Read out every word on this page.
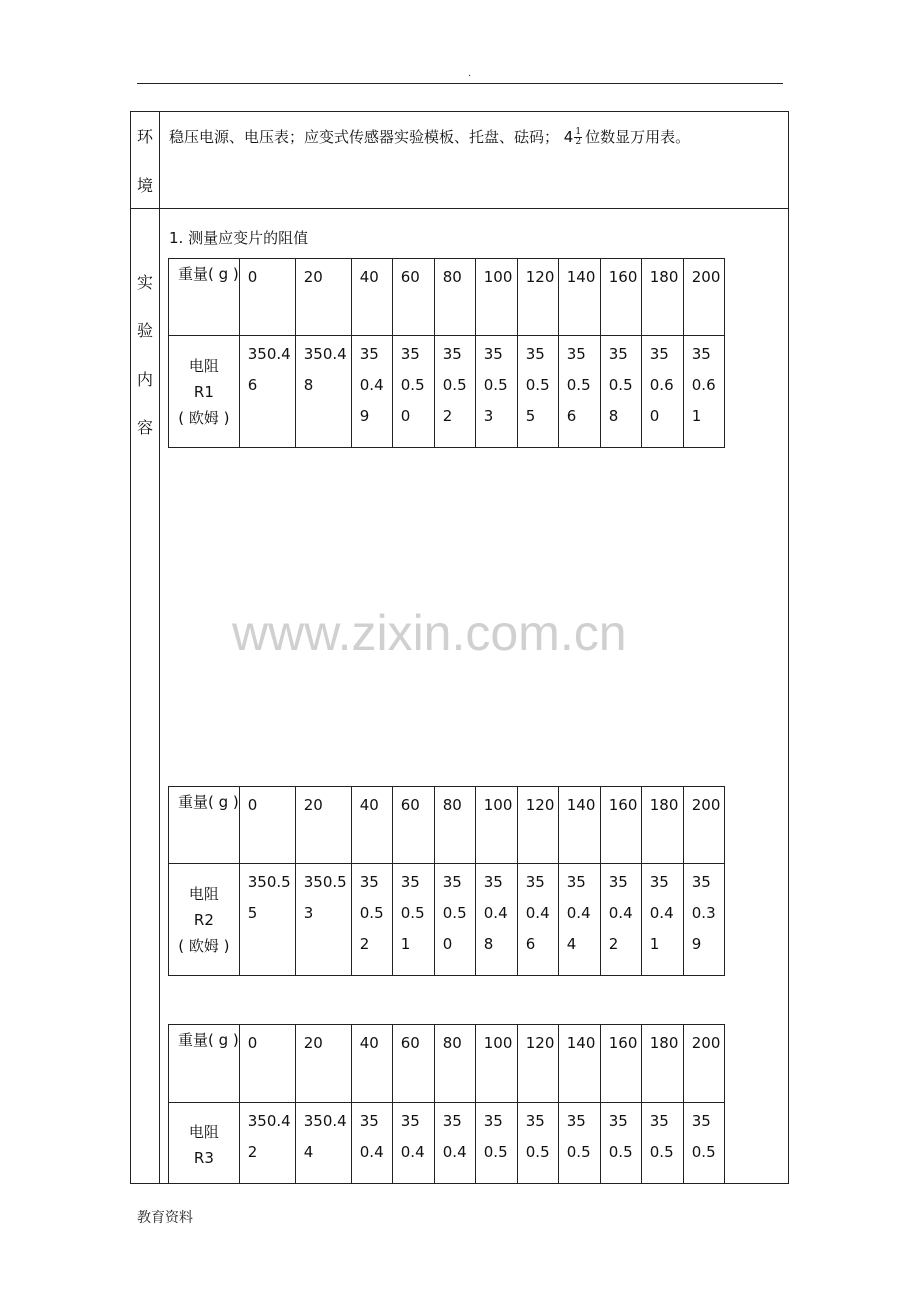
.
环
境
稳压电源、电压表；应变式传感器实验模板、托盘、砝码； $4 \frac{1}{2}$ 位数显万用表。
实
验
内
容
1. 测量应变片的阻值
www.zixin.com.cn
重量( g )	0	20	40	60	80	100	120	140	160	180	200

电阻
R1
( 欧姆 )	350.46	350.48	350.49	350.50	350.52	350.53	350.55	350.56	350.58	350.60	350.61
重量( g )	0	20	40	60	80	100	120	140	160	180	200

电阻
R2
( 欧姆 )	350.55	350.53	350.52	350.51	350.50	350.48	350.46	350.44	350.42	350.41	350.39
重量( g )	0	20	40	60	80	100	120	140	160	180	200

电阻
R3	350.42	350.44	350.4	350.4	350.4	350.5	350.5	350.5	350.5	350.5	350.5
教育资料
